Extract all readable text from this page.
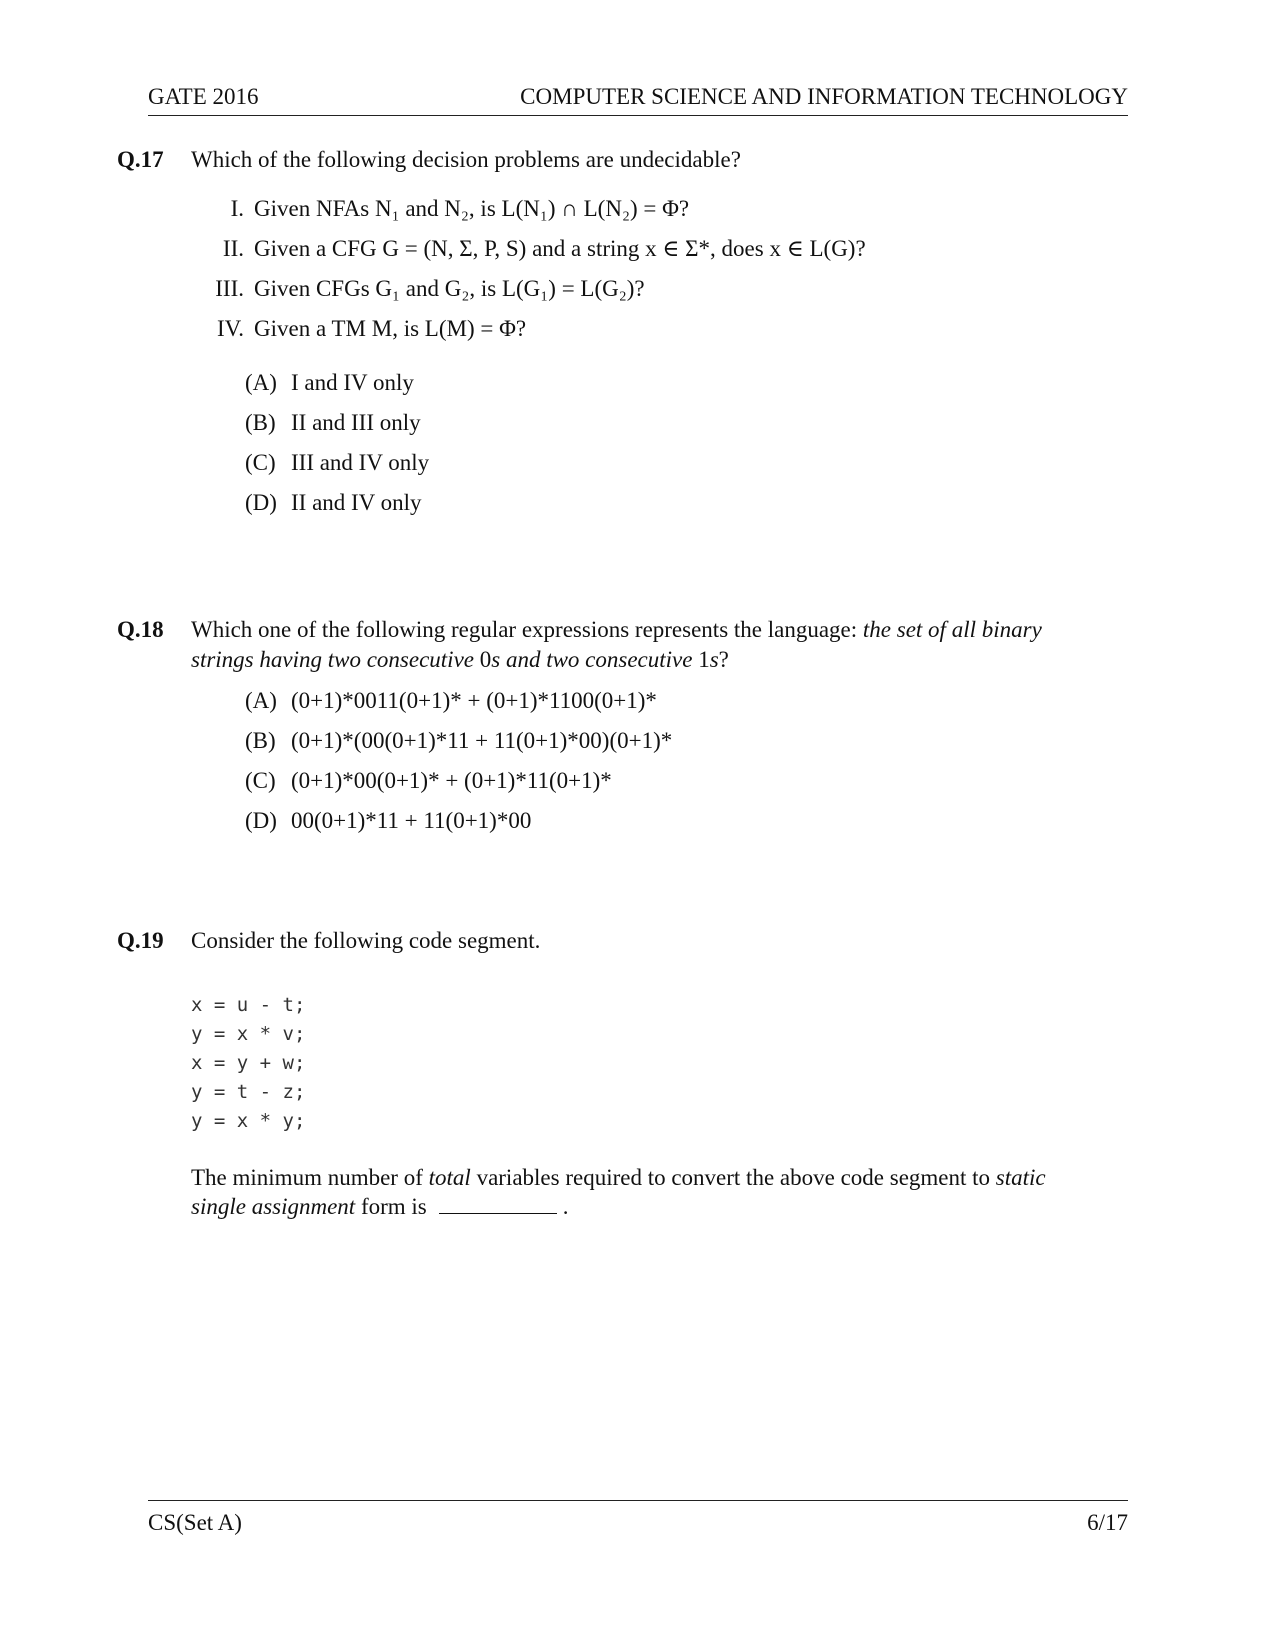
GATE 2016	COMPUTER SCIENCE AND INFORMATION TECHNOLOGY
Q.17 Which of the following decision problems are undecidable?
I. Given NFAs N₁ and N₂, is L(N₁) ∩ L(N₂) = Φ?
II. Given a CFG G = (N, Σ, P, S) and a string x ∈ Σ*, does x ∈ L(G)?
III. Given CFGs G₁ and G₂, is L(G₁) = L(G₂)?
IV. Given a TM M, is L(M) = Φ?
(A) I and IV only
(B) II and III only
(C) III and IV only
(D) II and IV only
Q.18 Which one of the following regular expressions represents the language: the set of all binary
strings having two consecutive 0s and two consecutive 1s?
(A) (0+1)*0011(0+1)* + (0+1)*1100(0+1)*
(B) (0+1)*(00(0+1)*11 + 11(0+1)*00)(0+1)*
(C) (0+1)*00(0+1)* + (0+1)*11(0+1)*
(D) 00(0+1)*11 + 11(0+1)*00
Q.19 Consider the following code segment.
x = u - t;
y = x * v;
x = y + w;
y = t - z;
y = x * y;
The minimum number of total variables required to convert the above code segment to static
single assignment form is	.
CS(Set A)	6/17
